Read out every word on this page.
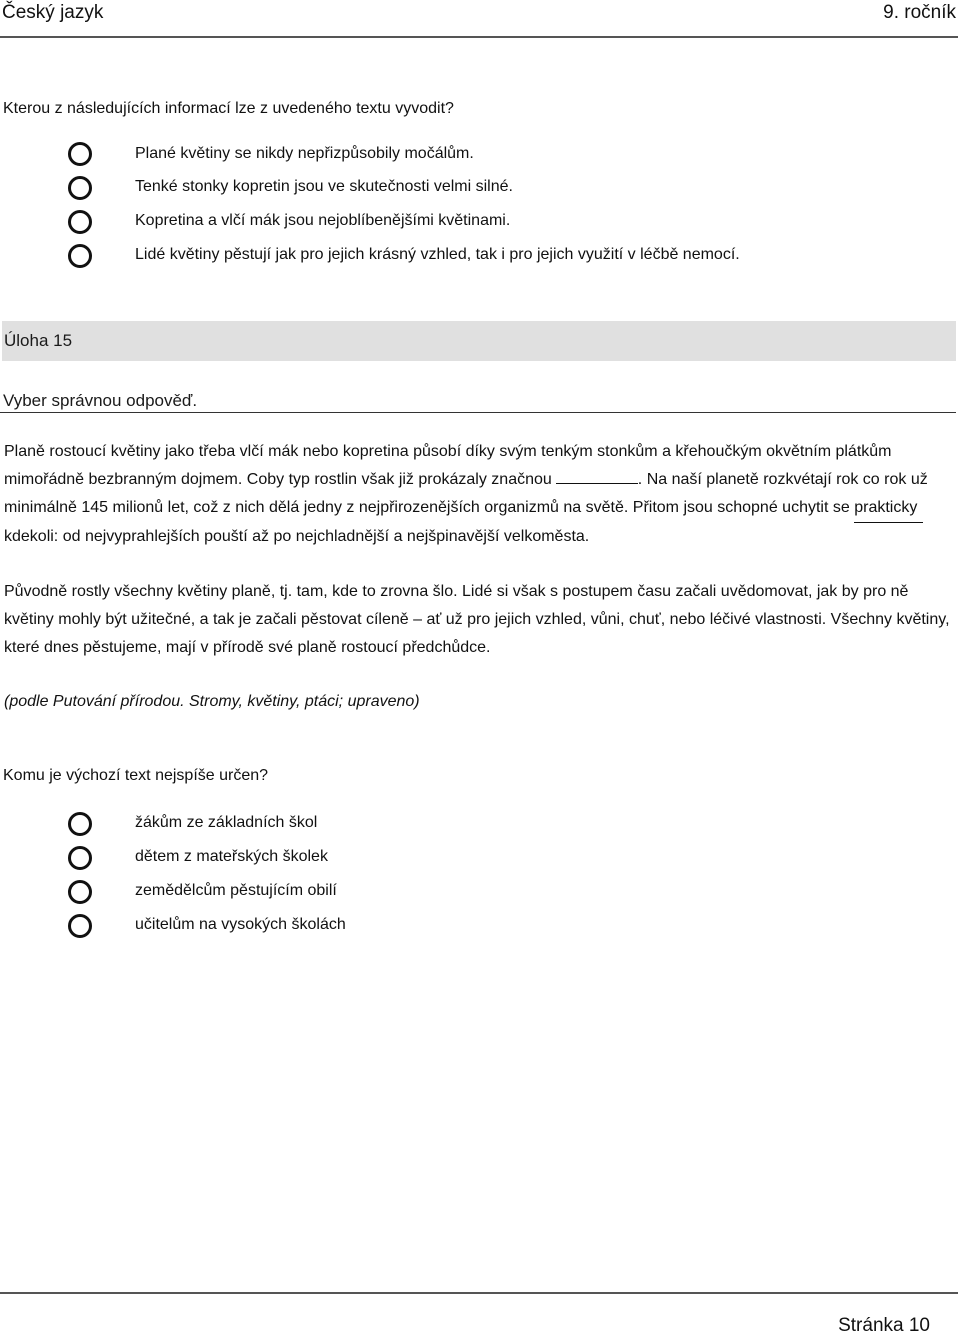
Český jazyk	9. ročník
Kterou z následujících informací lze z uvedeného textu vyvodit?
Plané květiny se nikdy nepřizpůsobily močálům.
Tenké stonky kopretin jsou ve skutečnosti velmi silné.
Kopretina a vlčí mák jsou nejoblíbenějšími květinami.
Lidé květiny pěstují jak pro jejich krásný vzhled, tak i pro jejich využití v léčbě nemocí.
Úloha 15
Vyber správnou odpověď.
Planě rostoucí květiny jako třeba vlčí mák nebo kopretina působí díky svým tenkým stonkům a křehoučkým okvětním plátkům mimořádně bezbranným dojmem. Coby typ rostlin však již prokázaly značnou	. Na naší planetě rozkvétají rok co rok už minimálně 145 milionů let, což z nich dělá jedny z nejpřirozenějších organizmů na světě. Přitom jsou schopné uchytit se prakticky kdekoli: od nejvyprahlejších pouští až po nejchladnější a nejšpinavější velkoměsta.
Původně rostly všechny květiny planě, tj. tam, kde to zrovna šlo. Lidé si však s postupem času začali uvědomovat, jak by pro ně květiny mohly být užitečné, a tak je začali pěstovat cíleně – ať už pro jejich vzhled, vůni, chuť, nebo léčivé vlastnosti. Všechny květiny, které dnes pěstujeme, mají v přírodě své planě rostoucí předchůdce.
(podle Putování přírodou. Stromy, květiny, ptáci; upraveno)
Komu je výchozí text nejspíše určen?
žákům ze základních škol
dětem z mateřských školek
zemědělcům pěstujícím obilí
učitelům na vysokých školách
Stránka 10
